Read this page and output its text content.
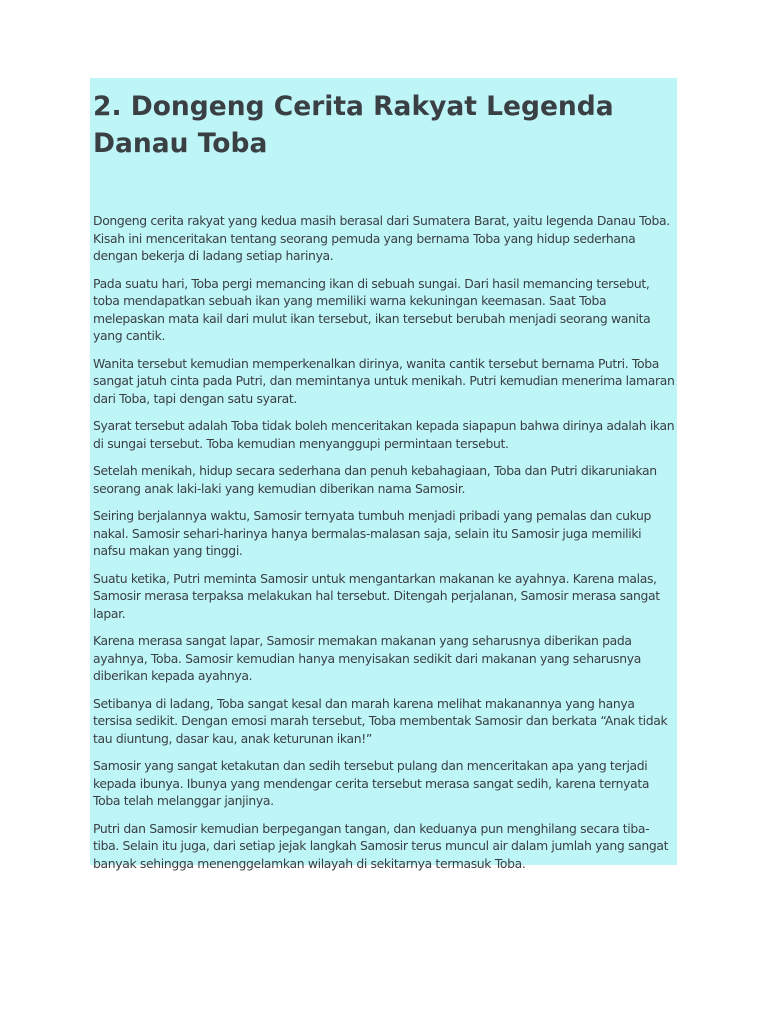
2. Dongeng Cerita Rakyat Legenda Danau Toba

Dongeng cerita rakyat yang kedua masih berasal dari Sumatera Barat, yaitu legenda Danau Toba. Kisah ini menceritakan tentang seorang pemuda yang bernama Toba yang hidup sederhana dengan bekerja di ladang setiap harinya.

Pada suatu hari, Toba pergi memancing ikan di sebuah sungai. Dari hasil memancing tersebut, toba mendapatkan sebuah ikan yang memiliki warna kekuningan keemasan. Saat Toba melepaskan mata kail dari mulut ikan tersebut, ikan tersebut berubah menjadi seorang wanita yang cantik.

Wanita tersebut kemudian memperkenalkan dirinya, wanita cantik tersebut bernama Putri. Toba sangat jatuh cinta pada Putri, dan memintanya untuk menikah. Putri kemudian menerima lamaran dari Toba, tapi dengan satu syarat.

Syarat tersebut adalah Toba tidak boleh menceritakan kepada siapapun bahwa dirinya adalah ikan di sungai tersebut. Toba kemudian menyanggupi permintaan tersebut.

Setelah menikah, hidup secara sederhana dan penuh kebahagiaan, Toba dan Putri dikaruniakan seorang anak laki-laki yang kemudian diberikan nama Samosir.

Seiring berjalannya waktu, Samosir ternyata tumbuh menjadi pribadi yang pemalas dan cukup nakal. Samosir sehari-harinya hanya bermalas-malasan saja, selain itu Samosir juga memiliki nafsu makan yang tinggi.

Suatu ketika, Putri meminta Samosir untuk mengantarkan makanan ke ayahnya. Karena malas, Samosir merasa terpaksa melakukan hal tersebut. Ditengah perjalanan, Samosir merasa sangat lapar.

Karena merasa sangat lapar, Samosir memakan makanan yang seharusnya diberikan pada ayahnya, Toba. Samosir kemudian hanya menyisakan sedikit dari makanan yang seharusnya diberikan kepada ayahnya.

Setibanya di ladang, Toba sangat kesal dan marah karena melihat makanannya yang hanya tersisa sedikit. Dengan emosi marah tersebut, Toba membentak Samosir dan berkata “Anak tidak tau diuntung, dasar kau, anak keturunan ikan!”

Samosir yang sangat ketakutan dan sedih tersebut pulang dan menceritakan apa yang terjadi kepada ibunya. Ibunya yang mendengar cerita tersebut merasa sangat sedih, karena ternyata Toba telah melanggar janjinya.

Putri dan Samosir kemudian berpegangan tangan, dan keduanya pun menghilang secara tiba-tiba. Selain itu juga, dari setiap jejak langkah Samosir terus muncul air dalam jumlah yang sangat banyak sehingga menenggelamkan wilayah di sekitarnya termasuk Toba.
